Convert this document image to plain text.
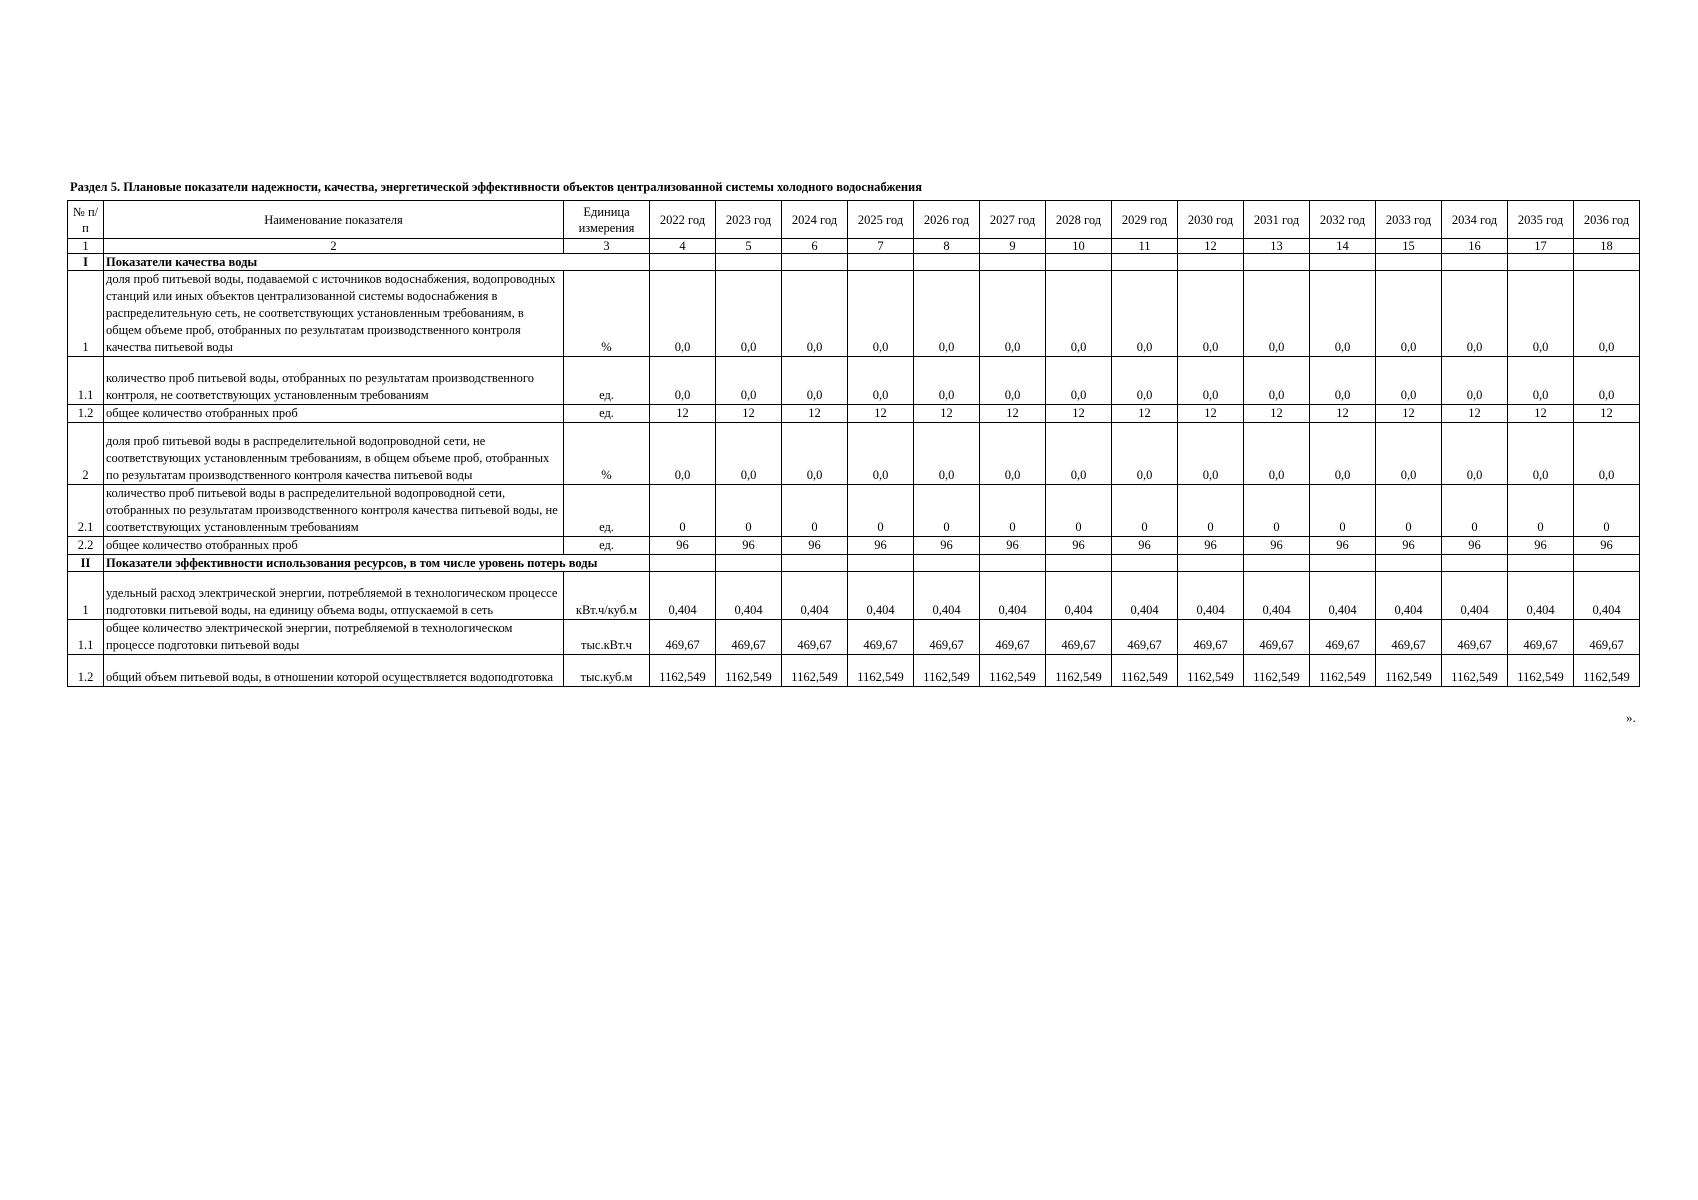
Раздел 5. Плановые показатели надежности, качества, энергетической эффективности объектов централизованной системы холодного водоснабжения
№ п/п	Наименование показателя	Единица измерения	2022 год	2023 год	2024 год	2025 год	2026 год	2027 год	2028 год	2029 год	2030 год	2031 год	2032 год	2033 год	2034 год	2035 год	2036 год
1	2	3	4	5	6	7	8	9	10	11	12	13	14	15	16	17	18
I	Показатели качества воды																
1	доля проб питьевой воды, подаваемой с источников водоснабжения, водопроводных станций или иных объектов централизованной системы водоснабжения в распределительную сеть, не соответствующих установленным требованиям, в общем объеме проб, отобранных по результатам производственного контроля качества питьевой воды	%	0,0	0,0	0,0	0,0	0,0	0,0	0,0	0,0	0,0	0,0	0,0	0,0	0,0	0,0	0,0
1.1	количество проб питьевой воды, отобранных по результатам производственного контроля, не соответствующих установленным требованиям	ед.	0,0	0,0	0,0	0,0	0,0	0,0	0,0	0,0	0,0	0,0	0,0	0,0	0,0	0,0	0,0
1.2	общее количество отобранных проб	ед.	12	12	12	12	12	12	12	12	12	12	12	12	12	12	12
2	доля проб питьевой воды в распределительной водопроводной сети, не соответствующих установленным требованиям, в общем объеме проб, отобранных по результатам производственного контроля качества питьевой воды	%	0,0	0,0	0,0	0,0	0,0	0,0	0,0	0,0	0,0	0,0	0,0	0,0	0,0	0,0	0,0
2.1	количество проб питьевой воды в распределительной водопроводной сети, отобранных по результатам производственного контроля качества питьевой воды, не соответствующих установленным требованиям	ед.	0	0	0	0	0	0	0	0	0	0	0	0	0	0	0
2.2	общее количество отобранных проб	ед.	96	96	96	96	96	96	96	96	96	96	96	96	96	96	96
II	Показатели эффективности использования ресурсов, в том числе уровень потерь воды																
1	удельный расход электрической энергии, потребляемой в технологическом процессе подготовки питьевой воды, на единицу объема воды, отпускаемой в сеть	кВт.ч/куб.м	0,404	0,404	0,404	0,404	0,404	0,404	0,404	0,404	0,404	0,404	0,404	0,404	0,404	0,404	0,404
1.1	общее количество электрической энергии, потребляемой в технологическом процессе подготовки питьевой воды	тыс.кВт.ч	469,67	469,67	469,67	469,67	469,67	469,67	469,67	469,67	469,67	469,67	469,67	469,67	469,67	469,67	469,67
1.2	общий объем питьевой воды, в отношении которой осуществляется водоподготовка	тыс.куб.м	1162,549	1162,549	1162,549	1162,549	1162,549	1162,549	1162,549	1162,549	1162,549	1162,549	1162,549	1162,549	1162,549	1162,549	1162,549
».
